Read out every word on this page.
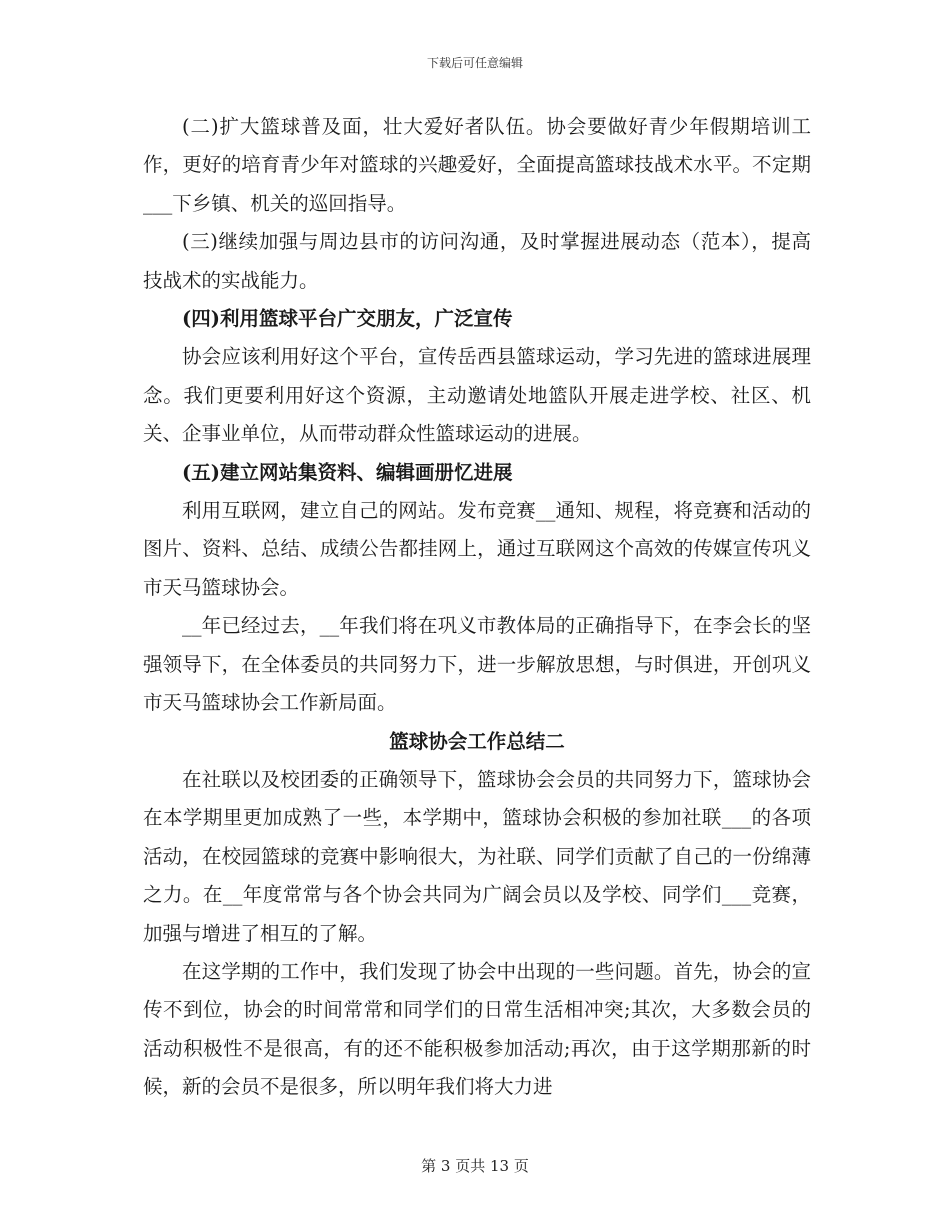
下载后可任意编辑

(二)扩大篮球普及面，壮大爱好者队伍。协会要做好青少年假期培训工作，更好的培育青少年对篮球的兴趣爱好，全面提高篮球技战术水平。不定期___下乡镇、机关的巡回指导。

(三)继续加强与周边县市的访问沟通，及时掌握进展动态（范本），提高技战术的实战能力。

(四)利用篮球平台广交朋友，广泛宣传

协会应该利用好这个平台，宣传岳西县篮球运动，学习先进的篮球进展理念。我们更要利用好这个资源，主动邀请处地篮队开展走进学校、社区、机关、企事业单位，从而带动群众性篮球运动的进展。

(五)建立网站集资料、编辑画册忆进展

利用互联网，建立自己的网站。发布竞赛__通知、规程，将竞赛和活动的图片、资料、总结、成绩公告都挂网上，通过互联网这个高效的传媒宣传巩义市天马篮球协会。

__年已经过去，__年我们将在巩义市教体局的正确指导下，在李会长的坚强领导下，在全体委员的共同努力下，进一步解放思想，与时俱进，开创巩义市天马篮球协会工作新局面。

篮球协会工作总结二

在社联以及校团委的正确领导下，篮球协会会员的共同努力下，篮球协会在本学期里更加成熟了一些，本学期中，篮球协会积极的参加社联___的各项活动，在校园篮球的竞赛中影响很大，为社联、同学们贡献了自己的一份绵薄之力。在__年度常常与各个协会共同为广阔会员以及学校、同学们___竞赛，加强与增进了相互的了解。

在这学期的工作中，我们发现了协会中出现的一些问题。首先，协会的宣传不到位，协会的时间常常和同学们的日常生活相冲突;其次，大多数会员的活动积极性不是很高，有的还不能积极参加活动;再次，由于这学期那新的时候，新的会员不是很多，所以明年我们将大力进

第 3 页共 13 页
